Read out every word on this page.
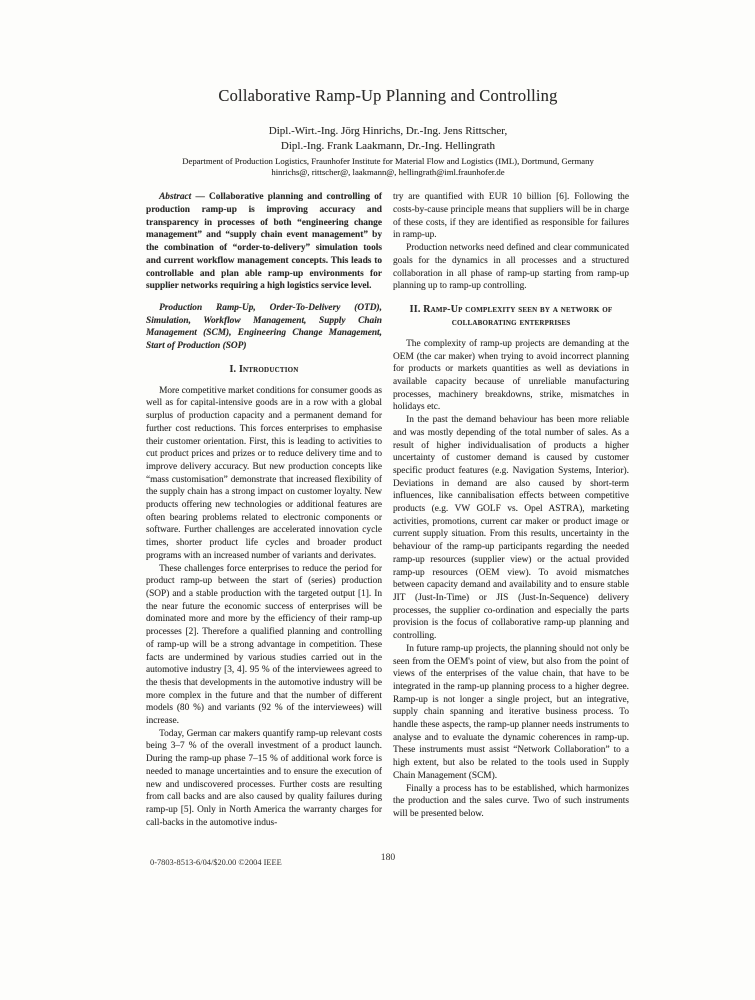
Collaborative Ramp-Up Planning and Controlling
Dipl.-Wirt.-Ing. Jörg Hinrichs, Dr.-Ing. Jens Rittscher,
Dipl.-Ing. Frank Laakmann, Dr.-Ing. Hellingrath
Department of Production Logistics, Fraunhofer Institute for Material Flow and Logistics (IML), Dortmund, Germany
hinrichs@, rittscher@, laakmann@, hellingrath@iml.fraunhofer.de

Abstract — Collaborative planning and controlling of production ramp-up is improving accuracy and transparency in processes of both “engineering change management” and “supply chain event management” by the combination of “order-to-delivery” simulation tools and current workflow management concepts. This leads to controllable and plan able ramp-up environments for supplier networks requiring a high logistics service level.

Production Ramp-Up, Order-To-Delivery (OTD), Simulation, Workflow Management, Supply Chain Management (SCM), Engineering Change Management, Start of Production (SOP)

I. Introduction

More competitive market conditions for consumer goods as well as for capital-intensive goods are in a row with a global surplus of production capacity and a permanent demand for further cost reductions. This forces enterprises to emphasise their customer orientation. First, this is leading to activities to cut product prices and prizes or to reduce delivery time and to improve delivery accuracy. But new production concepts like “mass customisation” demonstrate that increased flexibility of the supply chain has a strong impact on customer loyalty. New products offering new technologies or additional features are often bearing problems related to electronic components or software. Further challenges are accelerated innovation cycle times, shorter product life cycles and broader product programs with an increased number of variants and derivates.

These challenges force enterprises to reduce the period for product ramp-up between the start of (series) production (SOP) and a stable production with the targeted output [1]. In the near future the economic success of enterprises will be dominated more and more by the efficiency of their ramp-up processes [2]. Therefore a qualified planning and controlling of ramp-up will be a strong advantage in competition. These facts are undermined by various studies carried out in the automotive industry [3, 4]. 95 % of the interviewees agreed to the thesis that developments in the automotive industry will be more complex in the future and that the number of different models (80 %) and variants (92 % of the interviewees) will increase.

Today, German car makers quantify ramp-up relevant costs being 3–7 % of the overall investment of a product launch. During the ramp-up phase 7–15 % of additional work force is needed to manage uncertainties and to ensure the execution of new and undiscovered processes. Further costs are resulting from call backs and are also caused by quality failures during ramp-up [5]. Only in North America the warranty charges for call-backs in the automotive indus-

try are quantified with EUR 10 billion [6]. Following the costs-by-cause principle means that suppliers will be in charge of these costs, if they are identified as responsible for failures in ramp-up.

Production networks need defined and clear communicated goals for the dynamics in all processes and a structured collaboration in all phase of ramp-up starting from ramp-up planning up to ramp-up controlling.

II. Ramp-Up complexity seen by a network of collaborating enterprises

The complexity of ramp-up projects are demanding at the OEM (the car maker) when trying to avoid incorrect planning for products or markets quantities as well as deviations in available capacity because of unreliable manufacturing processes, machinery breakdowns, strike, mismatches in holidays etc.

In the past the demand behaviour has been more reliable and was mostly depending of the total number of sales. As a result of higher individualisation of products a higher uncertainty of customer demand is caused by customer specific product features (e.g. Navigation Systems, Interior). Deviations in demand are also caused by short-term influences, like cannibalisation effects between competitive products (e.g. VW GOLF vs. Opel ASTRA), marketing activities, promotions, current car maker or product image or current supply situation. From this results, uncertainty in the behaviour of the ramp-up participants regarding the needed ramp-up resources (supplier view) or the actual provided ramp-up resources (OEM view). To avoid mismatches between capacity demand and availability and to ensure stable JIT (Just-In-Time) or JIS (Just-In-Sequence) delivery processes, the supplier co-ordination and especially the parts provision is the focus of collaborative ramp-up planning and controlling.

In future ramp-up projects, the planning should not only be seen from the OEM's point of view, but also from the point of views of the enterprises of the value chain, that have to be integrated in the ramp-up planning process to a higher degree. Ramp-up is not longer a single project, but an integrative, supply chain spanning and iterative business process. To handle these aspects, the ramp-up planner needs instruments to analyse and to evaluate the dynamic coherences in ramp-up. These instruments must assist “Network Collaboration” to a high extent, but also be related to the tools used in Supply Chain Management (SCM).

Finally a process has to be established, which harmonizes the production and the sales curve. Two of such instruments will be presented below.

180
0-7803-8513-6/04/$20.00 ©2004 IEEE
